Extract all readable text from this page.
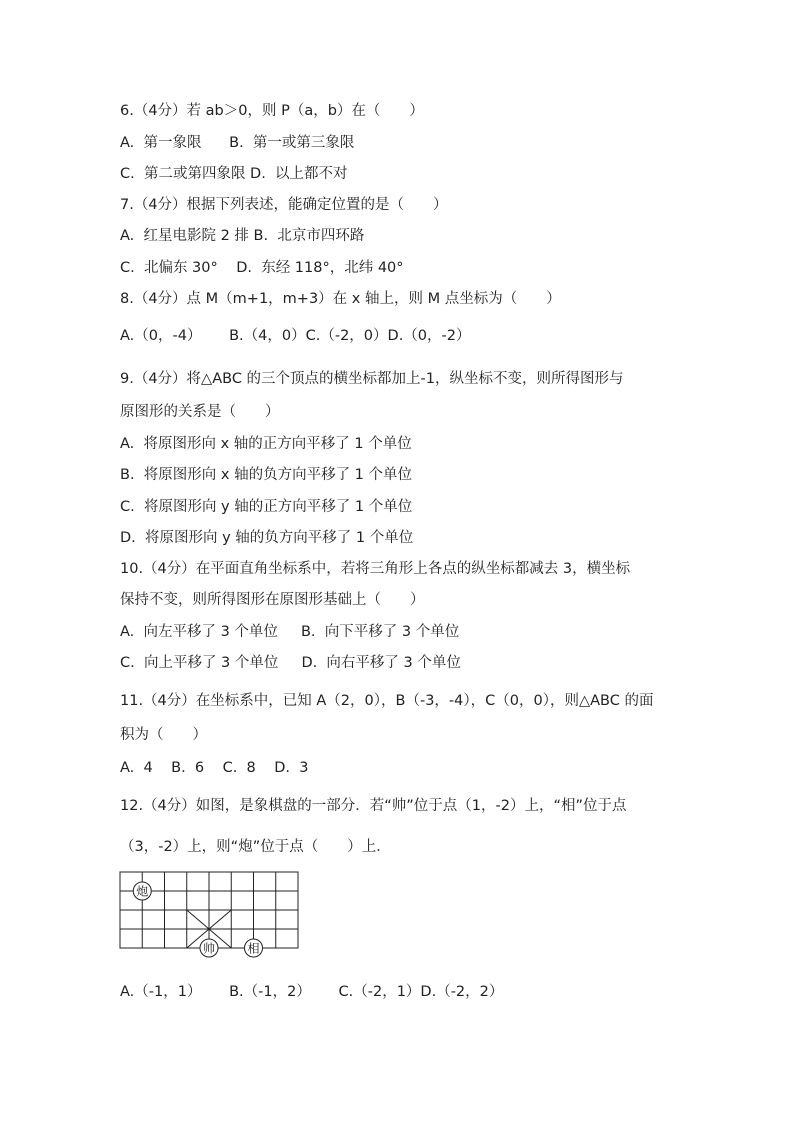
6.（4分）若 ab＞0，则 P（a，b）在（　　）
A.  第一象限      B.  第一或第三象限
C.  第二或第四象限 D.  以上都不对
7.（4分）根据下列表述，能确定位置的是（　　）
A.  红星电影院 2 排 B.  北京市四环路
C.  北偏东 30°    D.  东经 118°，北纬 40°
8.（4分）点 M（m+1，m+3）在 x 轴上，则 M 点坐标为（　　）
A.（0，-4）      B.（4，0）C.（-2，0）D.（0，-2）
9.（4分）将△ABC 的三个顶点的横坐标都加上-1，纵坐标不变，则所得图形与
原图形的关系是（　　）
A.  将原图形向 x 轴的正方向平移了 1 个单位
B.  将原图形向 x 轴的负方向平移了 1 个单位
C.  将原图形向 y 轴的正方向平移了 1 个单位
D.  将原图形向 y 轴的负方向平移了 1 个单位
10.（4分）在平面直角坐标系中，若将三角形上各点的纵坐标都减去 3，横坐标
保持不变，则所得图形在原图形基础上（　　）
A.  向左平移了 3 个单位     B.  向下平移了 3 个单位
C.  向上平移了 3 个单位     D.  向右平移了 3 个单位
11.（4分）在坐标系中，已知 A（2，0），B（-3，-4），C（0，0），则△ABC 的面
积为（　　）
A.  4    B.  6    C.  8    D.  3
12.（4分）如图，是象棋盘的一部分．若“帅”位于点（1，-2）上，“相”位于点
（3，-2）上，则“炮”位于点（　　）上．
A.（-1，1）      B.（-1，2）      C.（-2，1）D.（-2，2）
炮
帅	相
